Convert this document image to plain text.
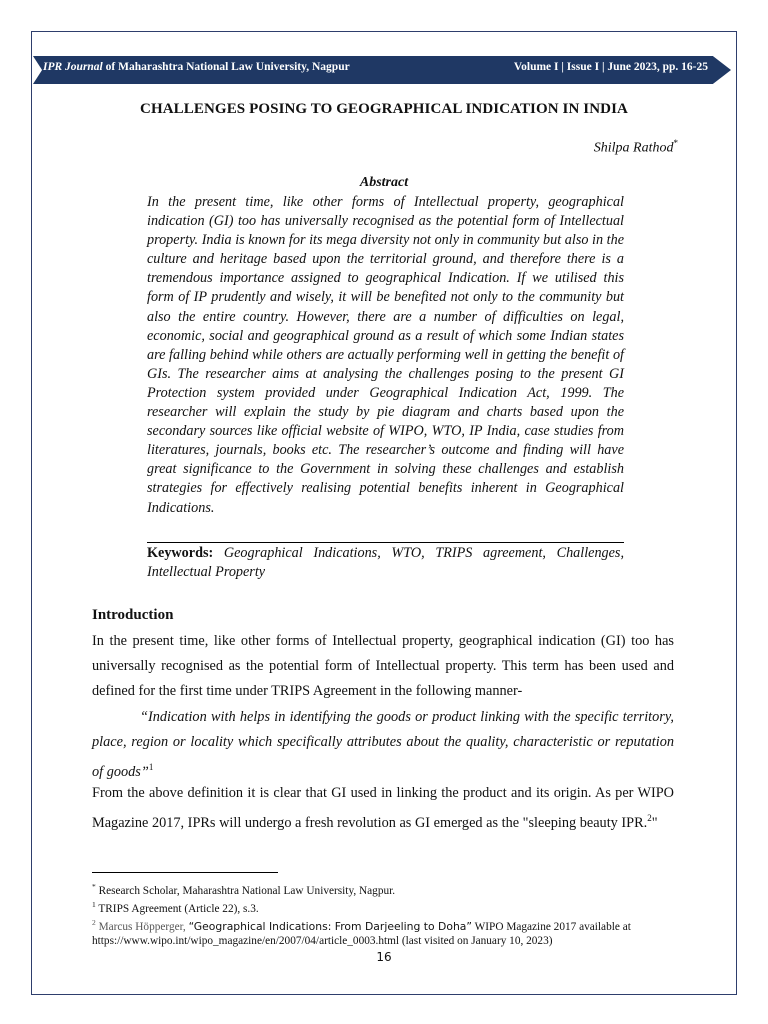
IPR Journal of Maharashtra National Law University, Nagpur	Volume I | Issue I | June 2023, pp. 16-25
CHALLENGES POSING TO GEOGRAPHICAL INDICATION IN INDIA
Shilpa Rathod*
Abstract

In the present time, like other forms of Intellectual property, geographical indication (GI) too has universally recognised as the potential form of Intellectual property. India is known for its mega diversity not only in community but also in the culture and heritage based upon the territorial ground, and therefore there is a tremendous importance assigned to geographical Indication. If we utilised this form of IP prudently and wisely, it will be benefited not only to the community but also the entire country. However, there are a number of difficulties on legal, economic, social and geographical ground as a result of which some Indian states are falling behind while others are actually performing well in getting the benefit of GIs. The researcher aims at analysing the challenges posing to the present GI Protection system provided under Geographical Indication Act, 1999. The researcher will explain the study by pie diagram and charts based upon the secondary sources like official website of WIPO, WTO, IP India, case studies from literatures, journals, books etc. The researcher’s outcome and finding will have great significance to the Government in solving these challenges and establish strategies for effectively realising potential benefits inherent in Geographical Indications.

Keywords: Geographical Indications, WTO, TRIPS agreement, Challenges, Intellectual Property

Introduction

In the present time, like other forms of Intellectual property, geographical indication (GI) too has universally recognised as the potential form of Intellectual property. This term has been used and defined for the first time under TRIPS Agreement in the following manner-

“Indication with helps in identifying the goods or product linking with the specific territory, place, region or locality which specifically attributes about the quality, characteristic or reputation of goods”$^1$

From the above definition it is clear that GI used in linking the product and its origin. As per WIPO Magazine 2017, IPRs will undergo a fresh revolution as GI emerged as the "sleeping beauty IPR.$^2$"

* Research Scholar, Maharashtra National Law University, Nagpur.
$^1$ TRIPS Agreement (Article 22), s.3.
$^2$ Marcus Höpperger, “Geographical Indications: From Darjeeling to Doha” WIPO Magazine 2017 available at https://www.wipo.int/wipo_magazine/en/2007/04/article_0003.html (last visited on January 10, 2023)
16
